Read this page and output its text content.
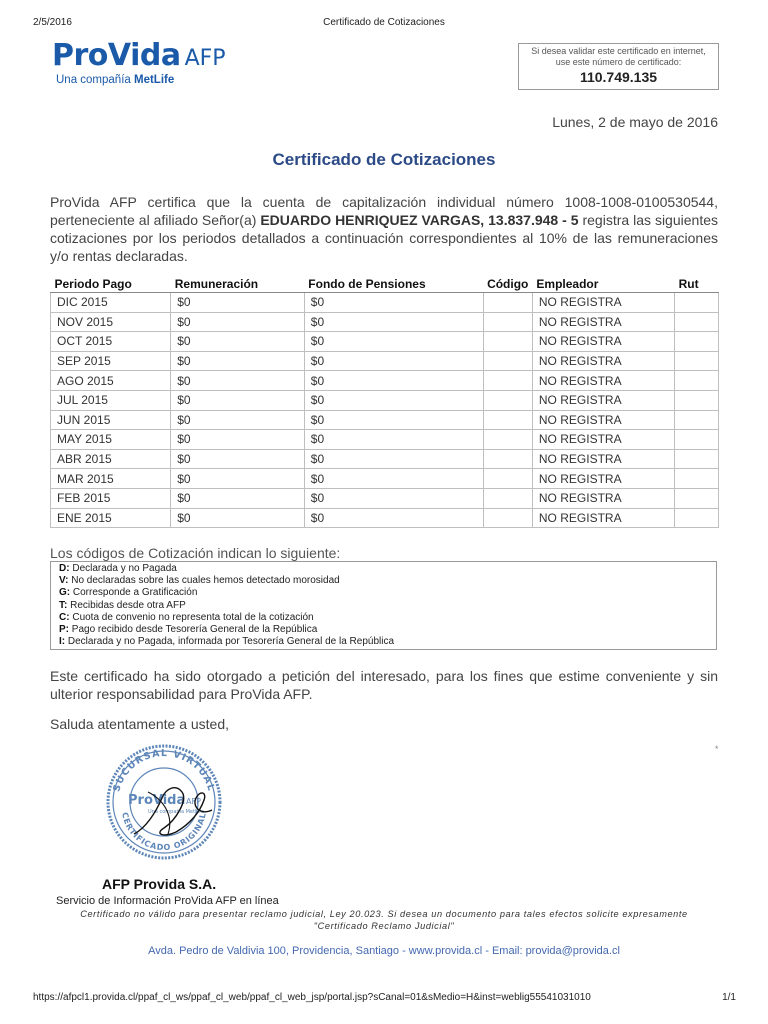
2/5/2016	Certificado de Cotizaciones
ProVida AFP
Una compañía MetLife
Si desea validar este certificado en internet, use este número de certificado:
110.749.135
Lunes, 2 de mayo de 2016
Certificado de Cotizaciones
ProVida AFP certifica que la cuenta de capitalización individual número 1008-1008-0100530544, perteneciente al afiliado Señor(a) EDUARDO HENRIQUEZ VARGAS, 13.837.948 - 5 registra las siguientes cotizaciones por los periodos detallados a continuación correspondientes al 10% de las remuneraciones y/o rentas declaradas.
Periodo Pago	Remuneración	Fondo de Pensiones	Código	Empleador	Rut
DIC 2015	$0	$0		NO REGISTRA	
NOV 2015	$0	$0		NO REGISTRA	
OCT 2015	$0	$0		NO REGISTRA	
SEP 2015	$0	$0		NO REGISTRA	
AGO 2015	$0	$0		NO REGISTRA	
JUL 2015	$0	$0		NO REGISTRA	
JUN 2015	$0	$0		NO REGISTRA	
MAY 2015	$0	$0		NO REGISTRA	
ABR 2015	$0	$0		NO REGISTRA	
MAR 2015	$0	$0		NO REGISTRA	
FEB 2015	$0	$0		NO REGISTRA	
ENE 2015	$0	$0		NO REGISTRA	
Los códigos de Cotización indican lo siguiente:
D: Declarada y no Pagada
V: No declaradas sobre las cuales hemos detectado morosidad
G: Corresponde a Gratificación
T: Recibidas desde otra AFP
C: Cuota de convenio no representa total de la cotización
P: Pago recibido desde Tesorería General de la República
I: Declarada y no Pagada, informada por Tesorería General de la República
Este certificado ha sido otorgado a petición del interesado, para los fines que estime conveniente y sin ulterior responsabilidad para ProVida AFP.
Saluda atentamente a usted,
*
SUCURSAL VIRTUAL
CERTIFICADO ORIGINAL
ProVida AFP
Una compañía MetLife
AFP Provida S.A.
Servicio de Información ProVida AFP en línea
Certificado no válido para presentar reclamo judicial, Ley 20.023. Si desea un documento para tales efectos solicite expresamente
"Certificado Reclamo Judicial"
Avda. Pedro de Valdivia 100, Providencia, Santiago - www.provida.cl - Email: provida@provida.cl
https://afpcl1.provida.cl/ppaf_cl_ws/ppaf_cl_web/ppaf_cl_web_jsp/portal.jsp?sCanal=01&sMedio=H&inst=weblig55541031010	1/1
